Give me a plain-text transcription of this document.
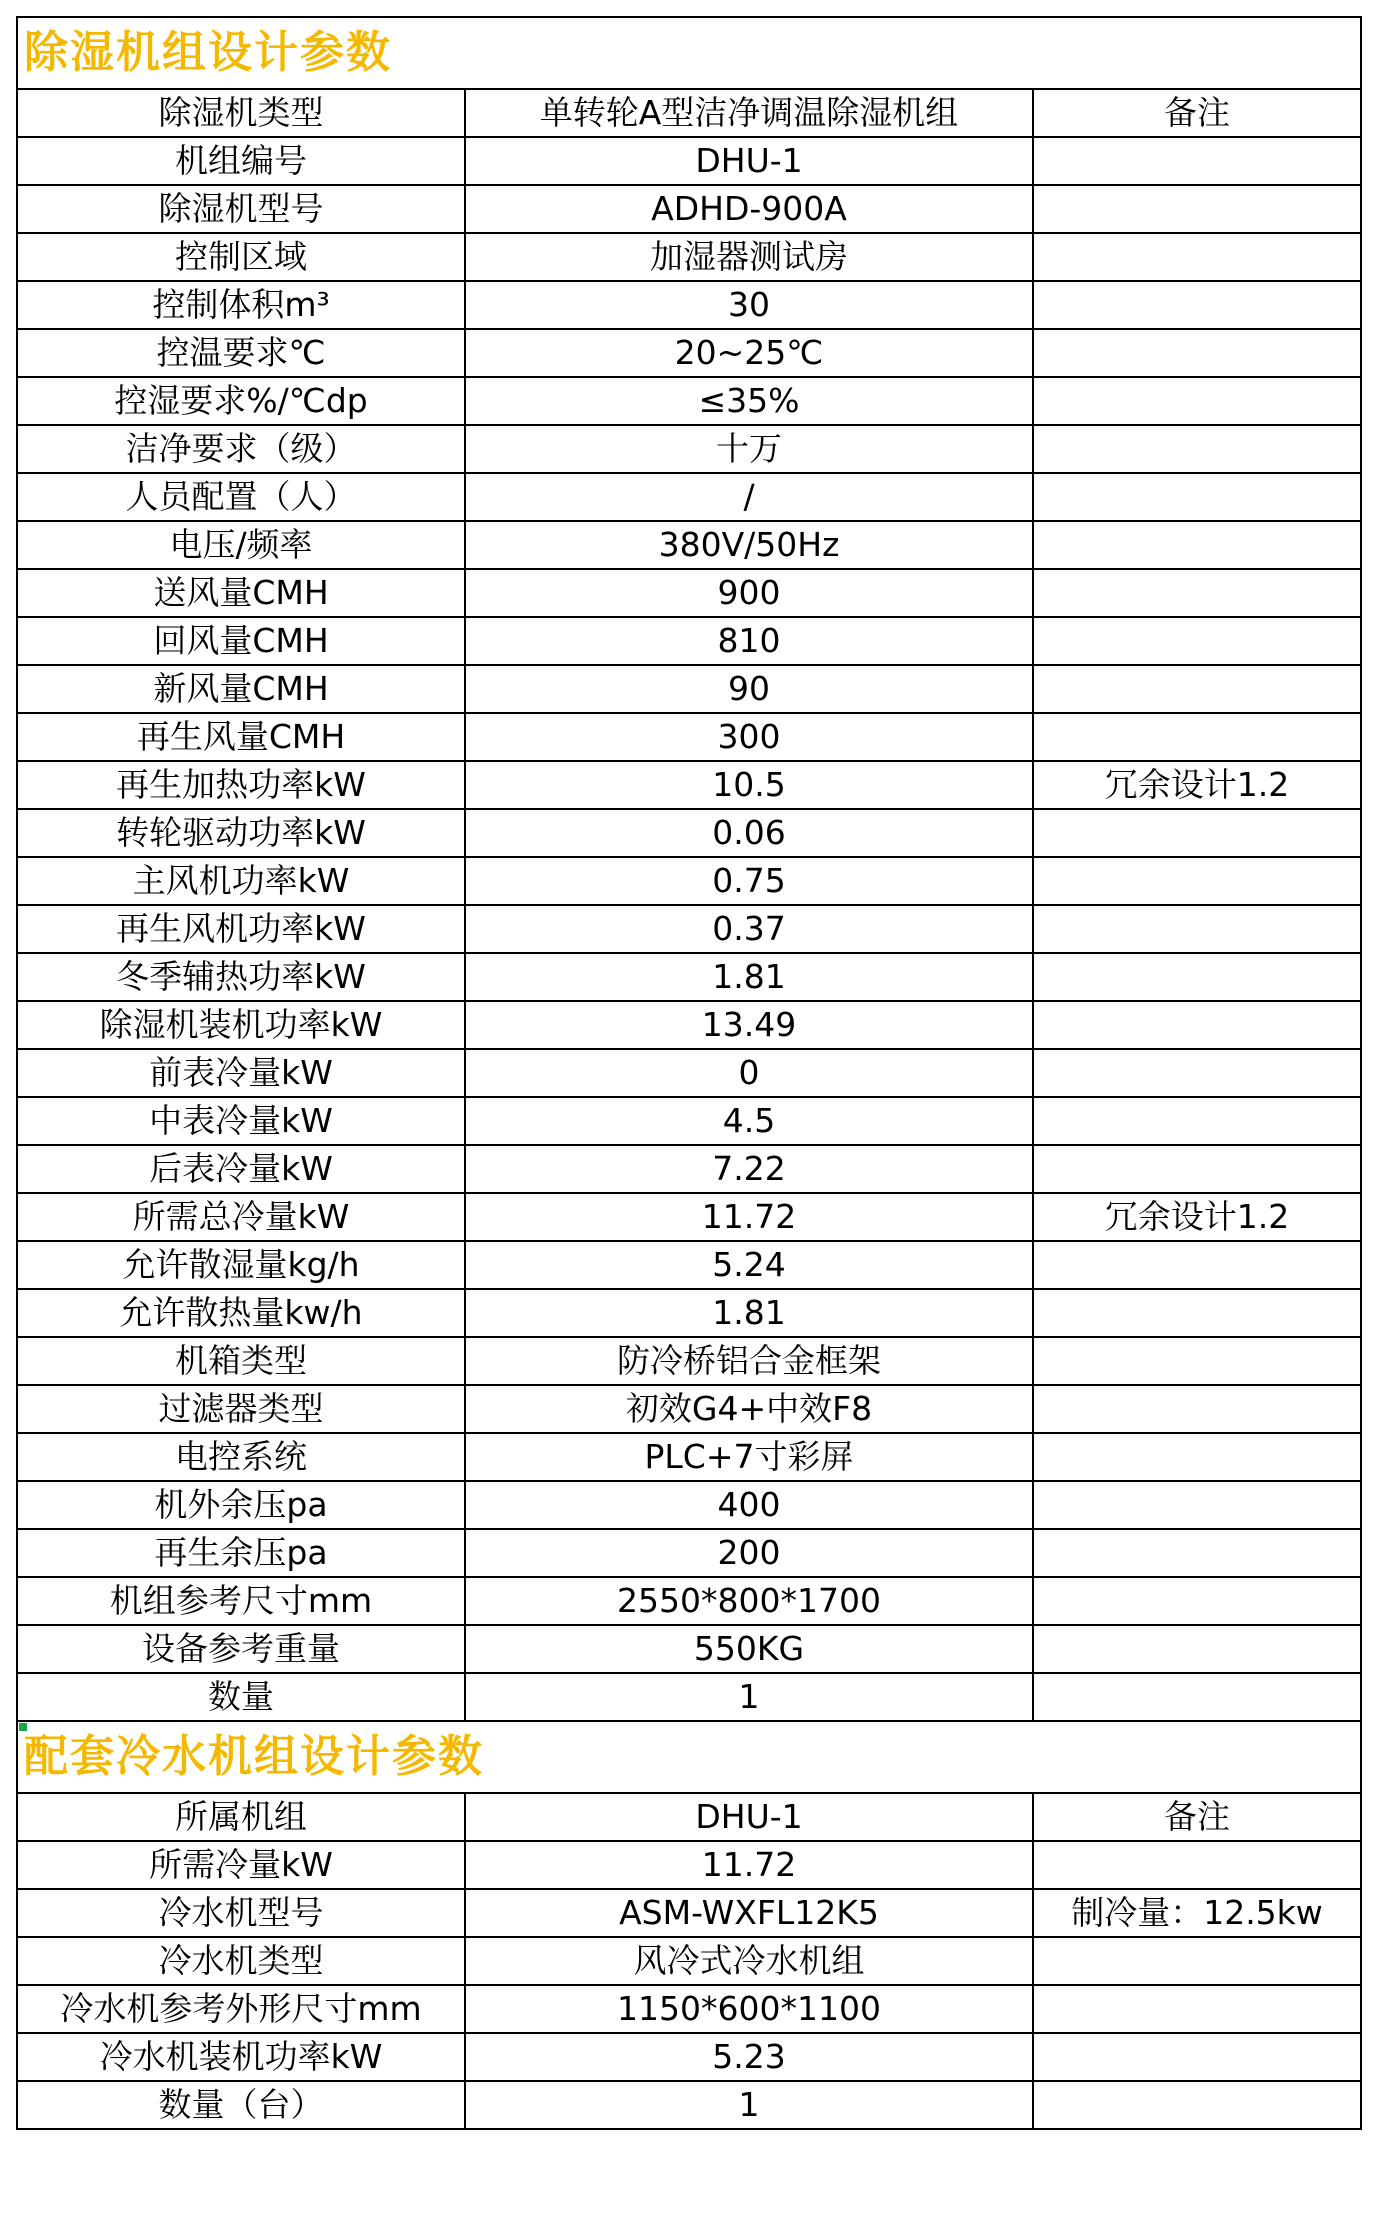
除湿机组设计参数		
除湿机类型	单转轮A型洁净调温除湿机组	备注
机组编号	DHU-1	
除湿机型号	ADHD-900A	
控制区域	加湿器测试房	
控制体积m³	30	
控温要求℃	20~25℃	
控湿要求%/℃dp	≤35%	
洁净要求（级）	十万	
人员配置（人）	/	
电压/频率	380V/50Hz	
送风量CMH	900	
回风量CMH	810	
新风量CMH	90	
再生风量CMH	300	
再生加热功率kW	10.5	冗余设计1.2
转轮驱动功率kW	0.06	
主风机功率kW	0.75	
再生风机功率kW	0.37	
冬季辅热功率kW	1.81	
除湿机装机功率kW	13.49	
前表冷量kW	0	
中表冷量kW	4.5	
后表冷量kW	7.22	
所需总冷量kW	11.72	冗余设计1.2
允许散湿量kg/h	5.24	
允许散热量kw/h	1.81	
机箱类型	防冷桥铝合金框架	
过滤器类型	初效G4+中效F8	
电控系统	PLC+7寸彩屏	
机外余压pa	400	
再生余压pa	200	
机组参考尺寸mm	2550*800*1700	
设备参考重量	550KG	
数量	1	
配套冷水机组设计参数		
所属机组	DHU-1	备注
所需冷量kW	11.72	
冷水机型号	ASM-WXFL12K5	制冷量：12.5kw
冷水机类型	风冷式冷水机组	
冷水机参考外形尺寸mm	1150*600*1100	
冷水机装机功率kW	5.23	
数量（台）	1	
